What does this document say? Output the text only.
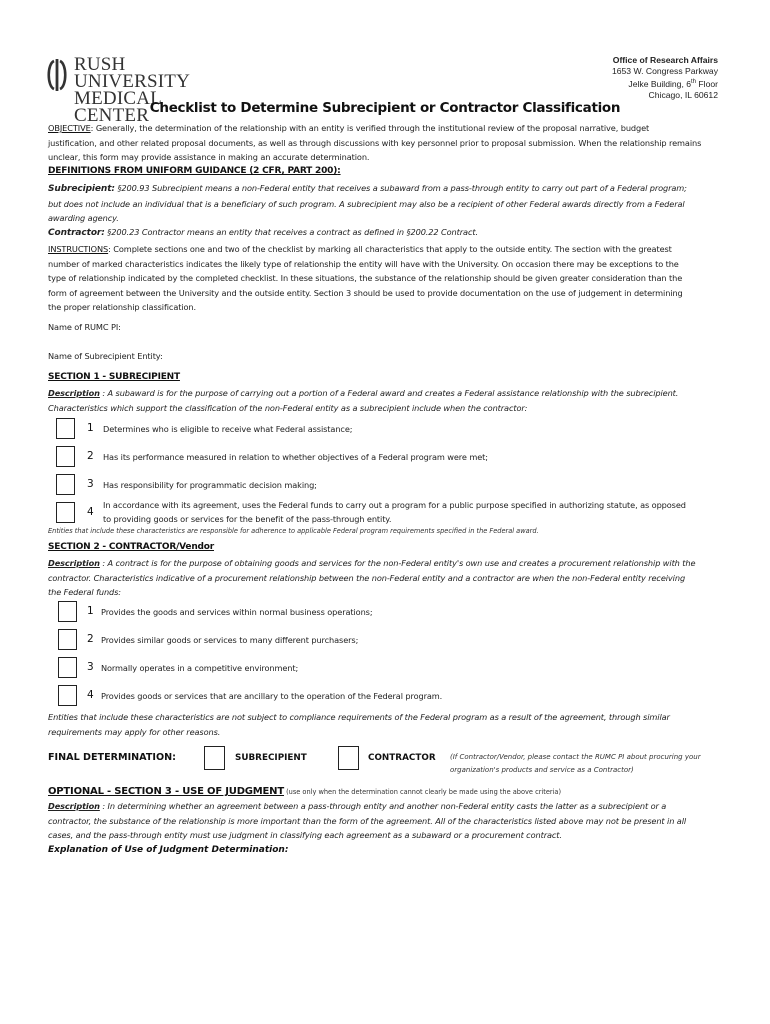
RUSH UNIVERSITY
MEDICAL CENTER
Office of Research Affairs
1653 W. Congress Parkway
Jelke Building, 6th Floor
Chicago, IL 60612
Checklist to Determine Subrecipient or Contractor Classification
OBJECTIVE: Generally, the determination of the relationship with an entity is verified through the institutional review of the proposal narrative, budget
justification, and other related proposal documents, as well as through discussions with key personnel prior to proposal submission. When the relationship remains
unclear, this form may provide assistance in making an accurate determination.
DEFINITIONS FROM UNIFORM GUIDANCE (2 CFR, PART 200):
Subrecipient: §200.93 Subrecipient means a non-Federal entity that receives a subaward from a pass-through entity to carry out part of a Federal program;
but does not include an individual that is a beneficiary of such program. A subrecipient may also be a recipient of other Federal awards directly from a Federal
awarding agency.
Contractor: §200.23 Contractor means an entity that receives a contract as defined in §200.22 Contract.
INSTRUCTIONS: Complete sections one and two of the checklist by marking all characteristics that apply to the outside entity. The section with the greatest
number of marked characteristics indicates the likely type of relationship the entity will have with the University. On occasion there may be exceptions to the
type of relationship indicated by the completed checklist. In these situations, the substance of the relationship should be given greater consideration than the
form of agreement between the University and the outside entity. Section 3 should be used to provide documentation on the use of judgement in determining
the proper relationship classification.
Name of RUMC PI:
Name of Subrecipient Entity:
SECTION 1 - SUBRECIPIENT
Description : A subaward is for the purpose of carrying out a portion of a Federal award and creates a Federal assistance relationship with the subrecipient.
Characteristics which support the classification of the non-Federal entity as a subrecipient include when the contractor:
1 Determines who is eligible to receive what Federal assistance;
2 Has its performance measured in relation to whether objectives of a Federal program were met;
3 Has responsibility for programmatic decision making;
4
In accordance with its agreement, uses the Federal funds to carry out a program for a public purpose specified in authorizing statute, as opposed
to providing goods or services for the benefit of the pass-through entity.
Entities that include these characteristics are responsible for adherence to applicable Federal program requirements specified in the Federal award.
SECTION 2 - CONTRACTOR/Vendor
Description : A contract is for the purpose of obtaining goods and services for the non-Federal entity's own use and creates a procurement relationship with the
contractor. Characteristics indicative of a procurement relationship between the non-Federal entity and a contractor are when the non-Federal entity receiving
the Federal funds:
1 Provides the goods and services within normal business operations;
2 Provides similar goods or services to many different purchasers;
3 Normally operates in a competitive environment;
4 Provides goods or services that are ancillary to the operation of the Federal program.
Entities that include these characteristics are not subject to compliance requirements of the Federal program as a result of the agreement, through similar
requirements may apply for other reasons.
FINAL DETERMINATION:	SUBRECIPIENT	CONTRACTOR (If Contractor/Vendor, please contact the RUMC PI about procuring your
organization's products and service as a Contractor)
OPTIONAL - SECTION 3 - USE OF JUDGMENT (use only when the determination cannot clearly be made using the above criteria)
Description : In determining whether an agreement between a pass-through entity and another non-Federal entity casts the latter as a subrecipient or a
contractor, the substance of the relationship is more important than the form of the agreement. All of the characteristics listed above may not be present in all
cases, and the pass-through entity must use judgment in classifying each agreement as a subaward or a procurement contract.
Explanation of Use of Judgment Determination:
